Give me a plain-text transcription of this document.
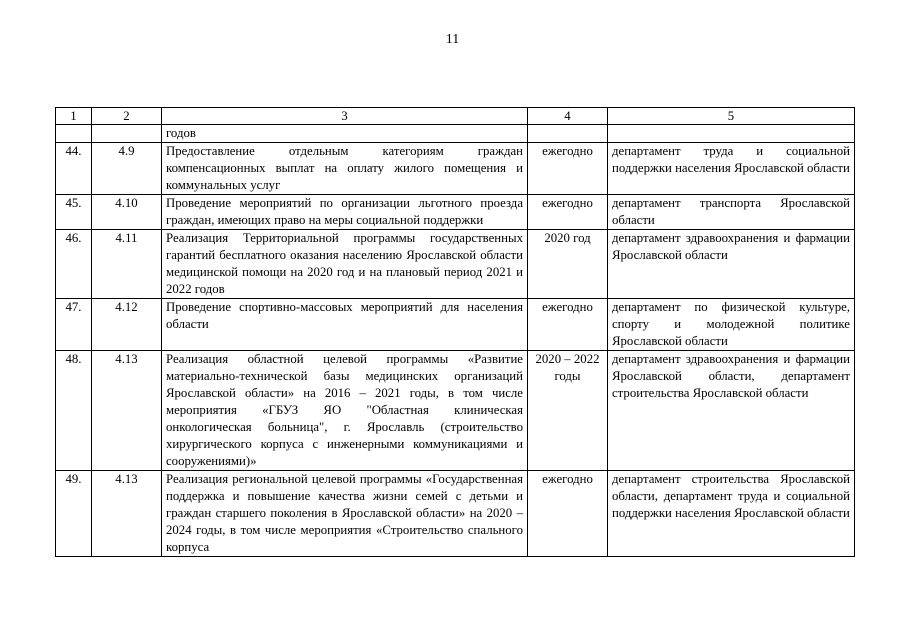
11
1	2	3	4	5
		годов		
44.	4.9	Предоставление отдельным категориям граждан компенсационных выплат на оплату жилого помещения и коммунальных услуг	ежегодно	департамент труда и социальной поддержки населения Ярославской области
45.	4.10	Проведение мероприятий по организации льготного проезда граждан, имеющих право на меры социальной поддержки	ежегодно	департамент транспорта Ярославской области
46.	4.11	Реализация Территориальной программы государственных гарантий бесплатного оказания населению Ярославской области медицинской помощи на 2020 год и на плановый период 2021 и 2022 годов	2020 год	департамент здравоохранения и фармации Ярославской области
47.	4.12	Проведение спортивно-массовых мероприятий для населения области	ежегодно	департамент по физической культуре, спорту и молодежной политике Ярославской области
48.	4.13	Реализация областной целевой программы «Развитие материально-технической базы медицинских организаций Ярославской области» на 2016 – 2021 годы, в том числе мероприятия «ГБУЗ ЯО "Областная клиническая онкологическая больница", г. Ярославль (строительство хирургического корпуса с инженерными коммуникациями и сооружениями)»	2020 – 2022 годы	департамент здравоохранения и фармации Ярославской области, департамент строительства Ярославской области
49.	4.13	Реализация региональной целевой программы «Государственная поддержка и повышение качества жизни семей с детьми и граждан старшего поколения в Ярославской области» на 2020 – 2024 годы, в том числе мероприятия «Строительство спального корпуса	ежегодно	департамент строительства Ярославской области, департамент труда и социальной поддержки населения Ярославской области
